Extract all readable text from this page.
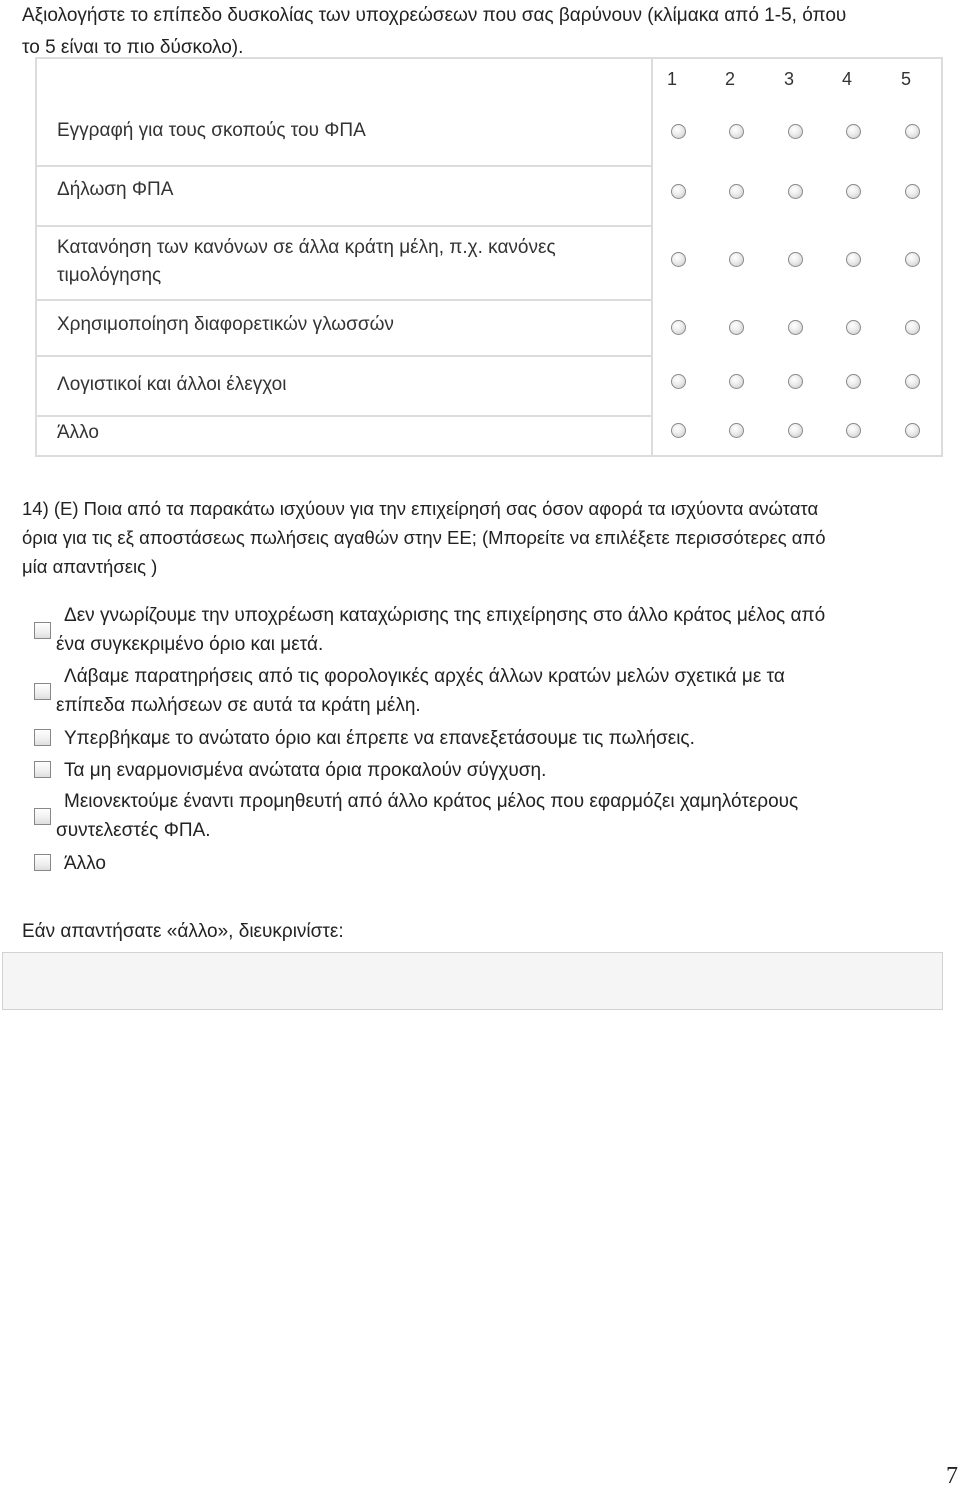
Αξιολογήστε το επίπεδο δυσκολίας των υποχρεώσεων που σας βαρύνουν (κλίμακα από 1-5, όπου
το 5 είναι το πιο δύσκολο).
1	2	3	4	5
Εγγραφή για τους σκοπούς του ΦΠΑ
Δήλωση ΦΠΑ
Κατανόηση των κανόνων σε άλλα κράτη μέλη, π.χ. κανόνες
τιμολόγησης
Χρησιμοποίηση διαφορετικών γλωσσών
Λογιστικοί και άλλοι έλεγχοι
Άλλο
14) (Ε) Ποια από τα παρακάτω ισχύουν για την επιχείρησή σας όσον αφορά τα ισχύοντα ανώτατα
όρια για τις εξ αποστάσεως πωλήσεις αγαθών στην ΕΕ; (Μπορείτε να επιλέξετε περισσότερες από
μία απαντήσεις )
Δεν γνωρίζουμε την υποχρέωση καταχώρισης της επιχείρησης στο άλλο κράτος μέλος από
ένα συγκεκριμένο όριο και μετά.
Λάβαμε παρατηρήσεις από τις φορολογικές αρχές άλλων κρατών μελών σχετικά με τα
επίπεδα πωλήσεων σε αυτά τα κράτη μέλη.
Υπερβήκαμε το ανώτατο όριο και έπρεπε να επανεξετάσουμε τις πωλήσεις.
Τα μη εναρμονισμένα ανώτατα όρια προκαλούν σύγχυση.
Μειονεκτούμε έναντι προμηθευτή από άλλο κράτος μέλος που εφαρμόζει χαμηλότερους
συντελεστές ΦΠΑ.
Άλλο
Εάν απαντήσατε «άλλο», διευκρινίστε:
7
